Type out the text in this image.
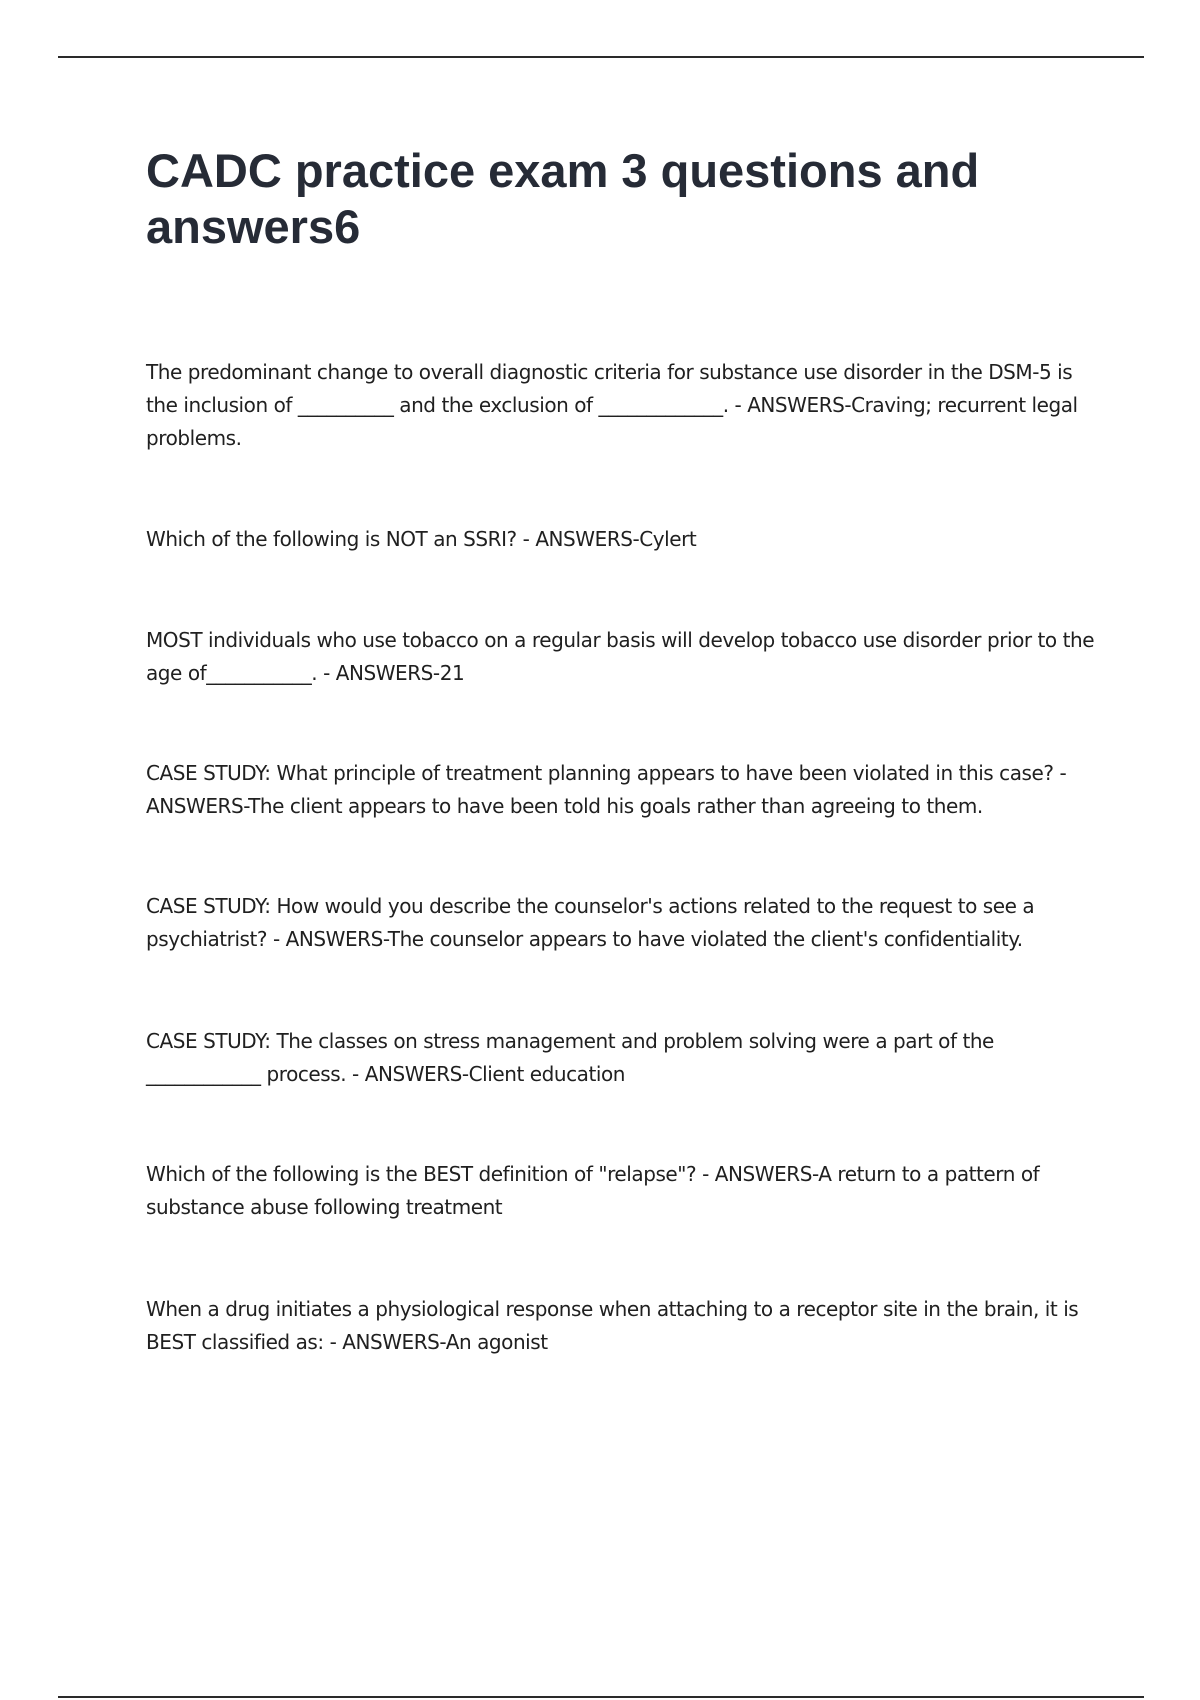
CADC practice exam 3 questions and answers6

The predominant change to overall diagnostic criteria for substance use disorder in the DSM-5 is the inclusion of __________ and the exclusion of _____________. - ANSWERS-Craving; recurrent legal problems.

Which of the following is NOT an SSRI? - ANSWERS-Cylert

MOST individuals who use tobacco on a regular basis will develop tobacco use disorder prior to the age of___________. - ANSWERS-21

CASE STUDY: What principle of treatment planning appears to have been violated in this case? - ANSWERS-The client appears to have been told his goals rather than agreeing to them.

CASE STUDY: How would you describe the counselor's actions related to the request to see a psychiatrist? - ANSWERS-The counselor appears to have violated the client's confidentiality.

CASE STUDY: The classes on stress management and problem solving were a part of the ____________ process. - ANSWERS-Client education

Which of the following is the BEST definition of "relapse"? - ANSWERS-A return to a pattern of substance abuse following treatment

When a drug initiates a physiological response when attaching to a receptor site in the brain, it is BEST classified as: - ANSWERS-An agonist
